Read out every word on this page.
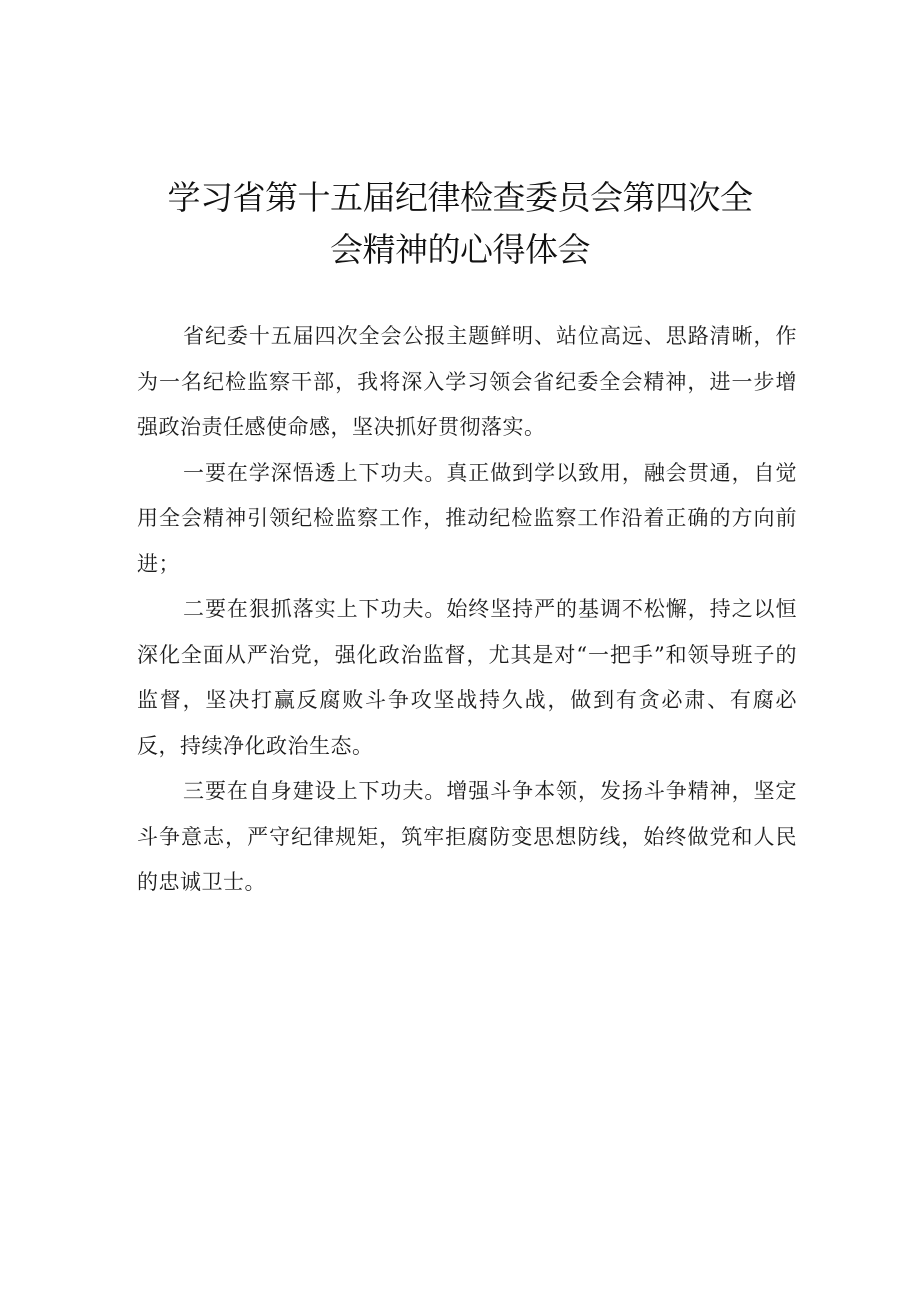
学习省第十五届纪律检查委员会第四次全
会精神的心得体会

省纪委十五届四次全会公报主题鲜明、站位高远、思路清晰，作为一名纪检监察干部，我将深入学习领会省纪委全会精神，进一步增强政治责任感使命感，坚决抓好贯彻落实。

一要在学深悟透上下功夫。真正做到学以致用，融会贯通，自觉用全会精神引领纪检监察工作，推动纪检监察工作沿着正确的方向前进；

二要在狠抓落实上下功夫。始终坚持严的基调不松懈，持之以恒深化全面从严治党，强化政治监督，尤其是对“一把手”和领导班子的监督，坚决打赢反腐败斗争攻坚战持久战，做到有贪必肃、有腐必反，持续净化政治生态。

三要在自身建设上下功夫。增强斗争本领，发扬斗争精神，坚定斗争意志，严守纪律规矩，筑牢拒腐防变思想防线，始终做党和人民的忠诚卫士。
